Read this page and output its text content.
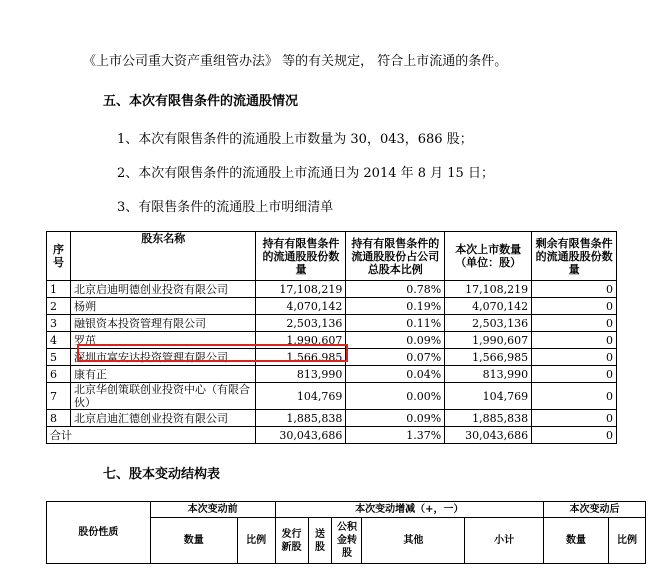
《上市公司重大资产重组管办法》 等的有关规定， 符合上市流通的条件。
五、本次有限售条件的流通股情况
1、本次有限售条件的流通股上市数量为 30，043，686 股；
2、本次有限售条件的流通股上市流通日为 2014 年 8 月 15 日；
3、有限售条件的流通股上市明细清单
序号	股东名称	持有有限售条件的流通股股份数量	持有有限售条件的流通股股份占公司总股本比例	本次上市数量（单位：股）	剩余有限售条件的流通股股份数量
1	北京启迪明德创业投资有限公司	17,108,219	0.78%	17,108,219	0
2	杨朔	4,070,142	0.19%	4,070,142	0
3	融银资本投资管理有限公司	2,503,136	0.11%	2,503,136	0
4	罗茁	1,990,607	0.09%	1,990,607	0
5	深圳市富安达投资管理有限公司	1,566,985	0.07%	1,566,985	0
6	康有正	813,990	0.04%	813,990	0
7	北京华创策联创业投资中心（有限合伙）	104,769	0.00%	104,769	0
8	北京启迪汇德创业投资有限公司	1,885,838	0.09%	1,885,838	0
合计		30,043,686	1.37%	30,043,686	0
七、股本变动结构表
股份性质	本次变动前		本次变动增减（+，一）					本次变动后	
	数量	比例	发行新股	送股	公积金转股	其他	小计	数量	比例
